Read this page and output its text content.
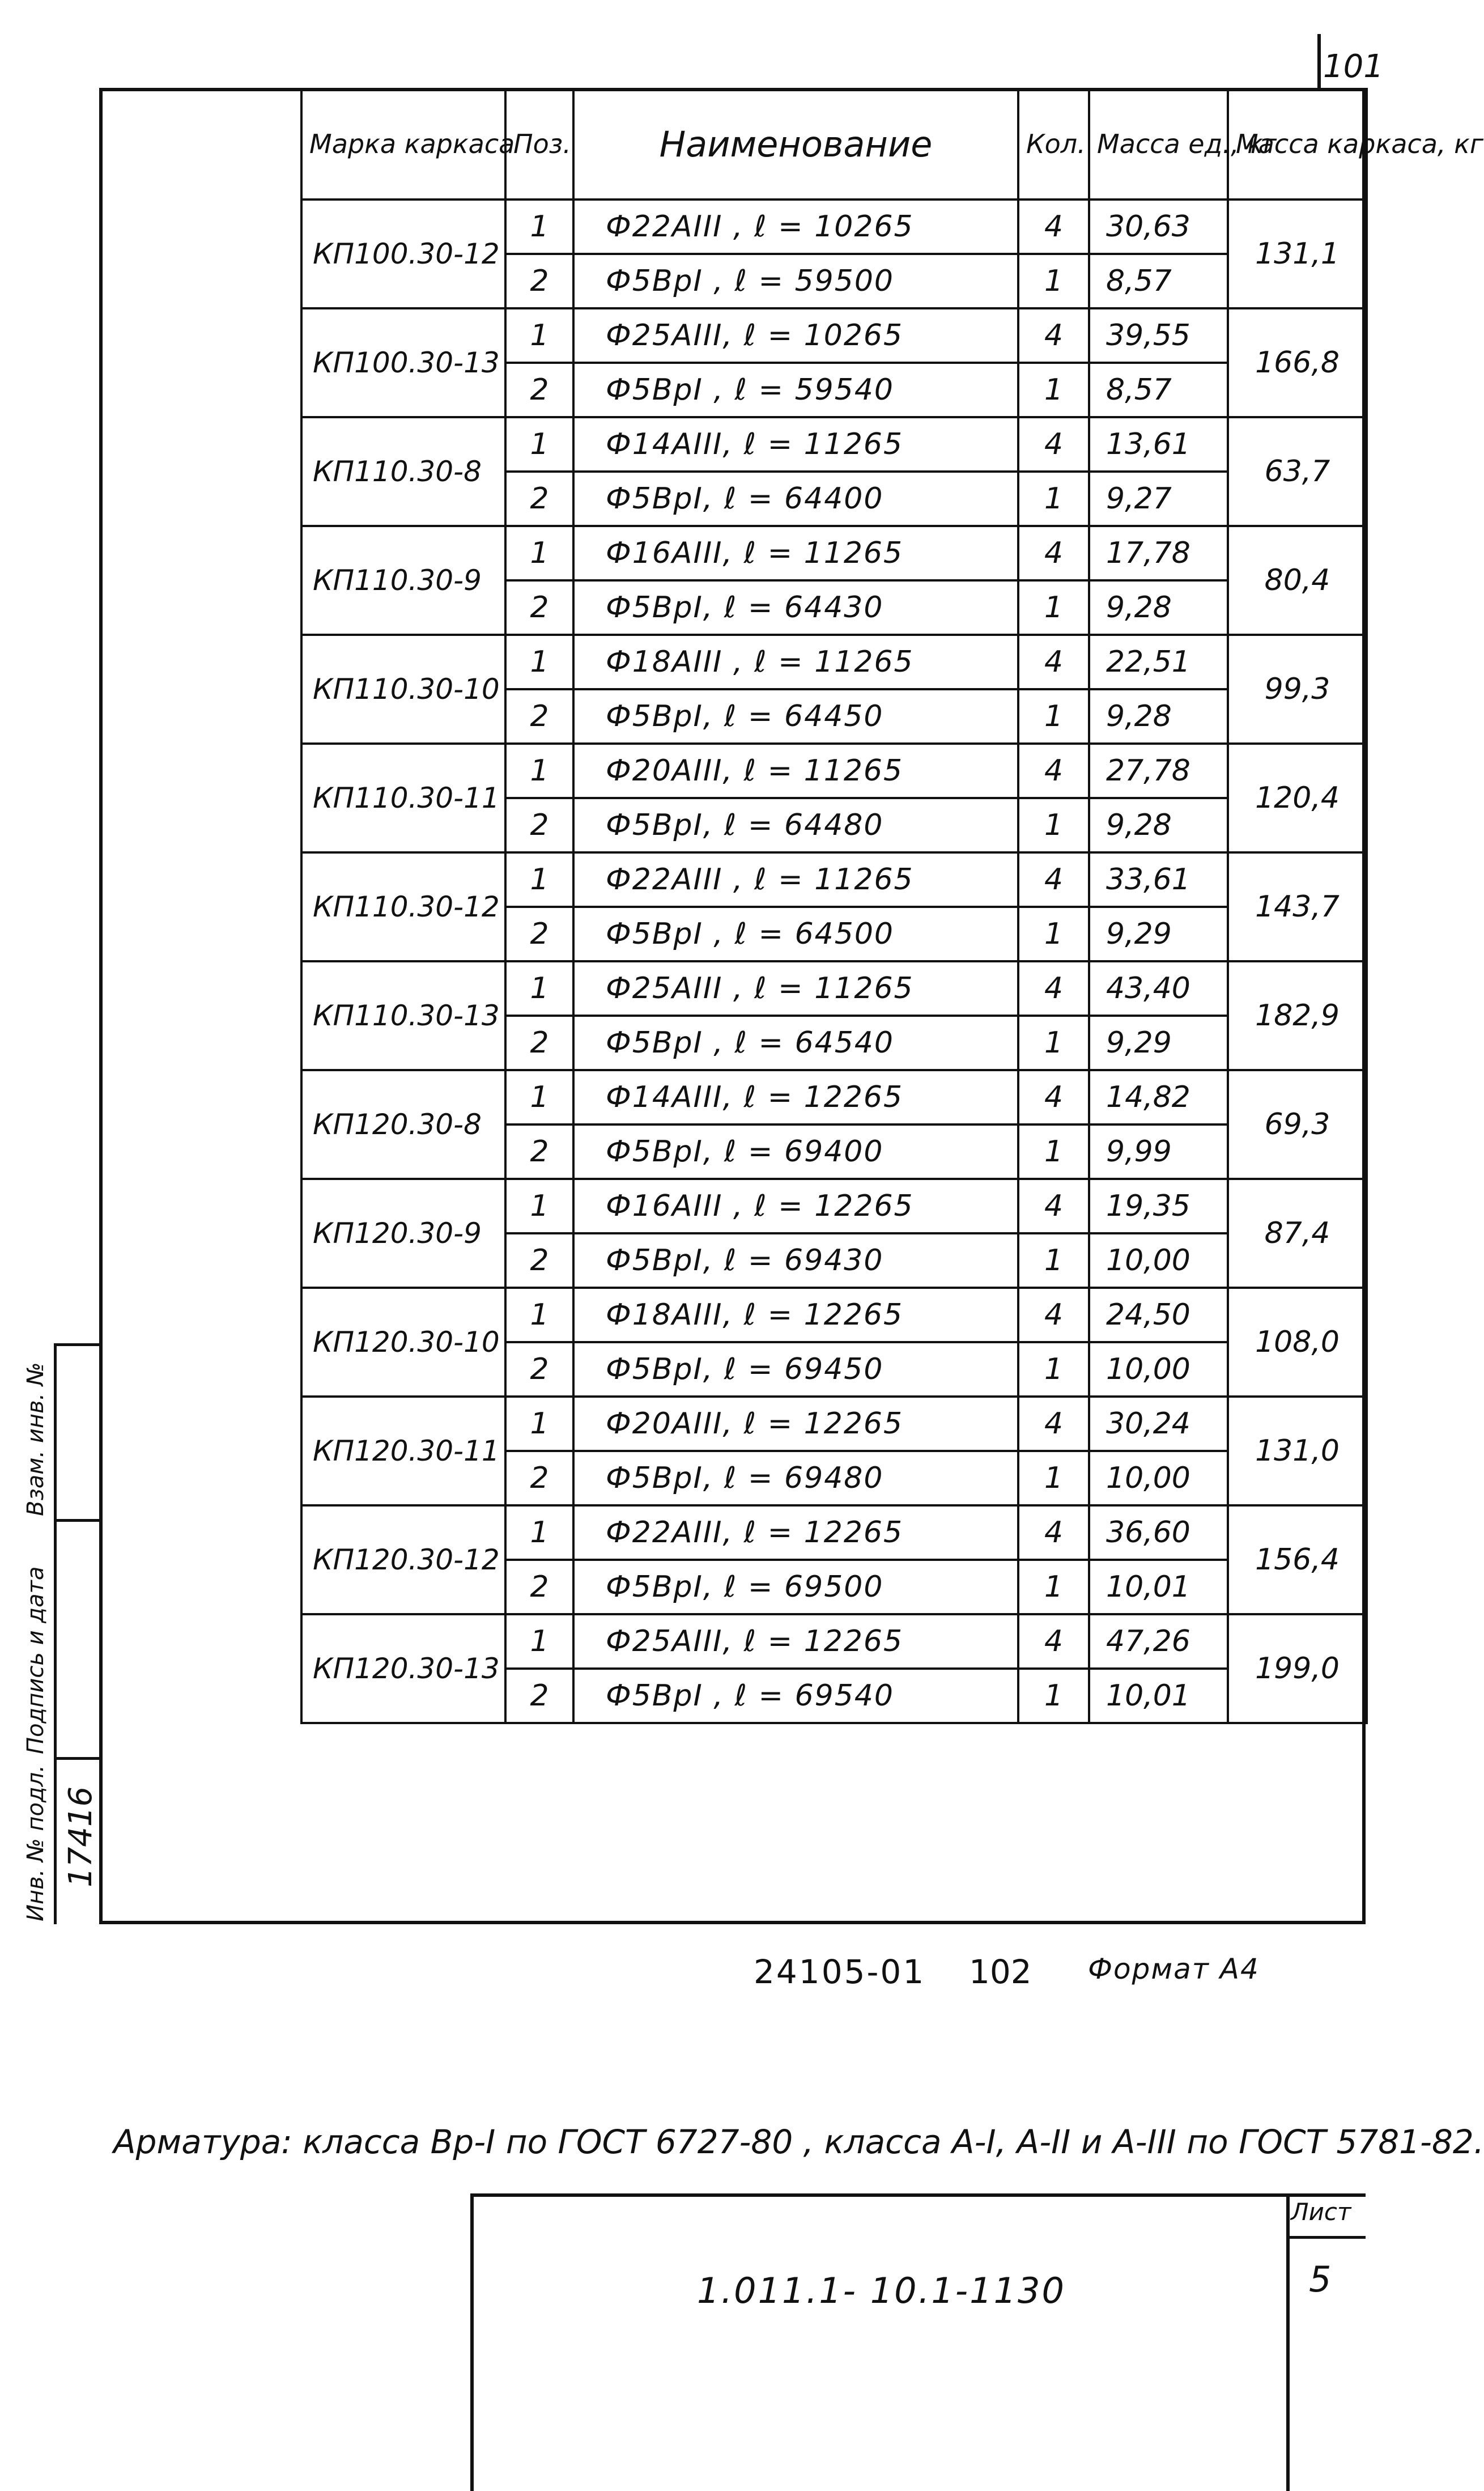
101
Марка каркаса	Поз.	Наименование	Кол.	Масса ед., кг	Масса каркаса, кг
КП100.30-12	1	Ф22АIII , ℓ = 10265	4	30,63	131,1
	2	Ф5ВрI , ℓ = 59500	1	8,57	
КП100.30-13	1	Ф25АIII, ℓ = 10265	4	39,55	166,8
	2	Ф5ВрI , ℓ = 59540	1	8,57	
КП110.30-8	1	Ф14АIII, ℓ = 11265	4	13,61	63,7
	2	Ф5ВрI, ℓ = 64400	1	9,27	
КП110.30-9	1	Ф16АIII, ℓ = 11265	4	17,78	80,4
	2	Ф5ВрI, ℓ = 64430	1	9,28	
КП110.30-10	1	Ф18АIII , ℓ = 11265	4	22,51	99,3
	2	Ф5ВрI, ℓ = 64450	1	9,28	
КП110.30-11	1	Ф20АIII, ℓ = 11265	4	27,78	120,4
	2	Ф5ВрI, ℓ = 64480	1	9,28	
КП110.30-12	1	Ф22АIII , ℓ = 11265	4	33,61	143,7
	2	Ф5ВрI , ℓ = 64500	1	9,29	
КП110.30-13	1	Ф25АIII , ℓ = 11265	4	43,40	182,9
	2	Ф5ВрI , ℓ = 64540	1	9,29	
КП120.30-8	1	Ф14АIII, ℓ = 12265	4	14,82	69,3
	2	Ф5ВрI, ℓ = 69400	1	9,99	
КП120.30-9	1	Ф16АIII , ℓ = 12265	4	19,35	87,4
	2	Ф5ВрI, ℓ = 69430	1	10,00	
КП120.30-10	1	Ф18АIII, ℓ = 12265	4	24,50	108,0
	2	Ф5ВрI, ℓ = 69450	1	10,00	
КП120.30-11	1	Ф20АIII, ℓ = 12265	4	30,24	131,0
	2	Ф5ВрI, ℓ = 69480	1	10,00	
КП120.30-12	1	Ф22АIII, ℓ = 12265	4	36,60	156,4
	2	Ф5ВрI, ℓ = 69500	1	10,01	
КП120.30-13	1	Ф25АIII, ℓ = 12265	4	47,26	199,0
	2	Ф5ВрI , ℓ = 69540	1	10,01	
Арматура: класса Вр-I по ГОСТ 6727-80 , класса А-I, А-II и А-III по ГОСТ 5781-82.
1.011.1- 10.1-1130
Лист
5
Инв. № подл.
Подпись и дата
Взам. инв. №
17416
24105-01 102 Формат А4
